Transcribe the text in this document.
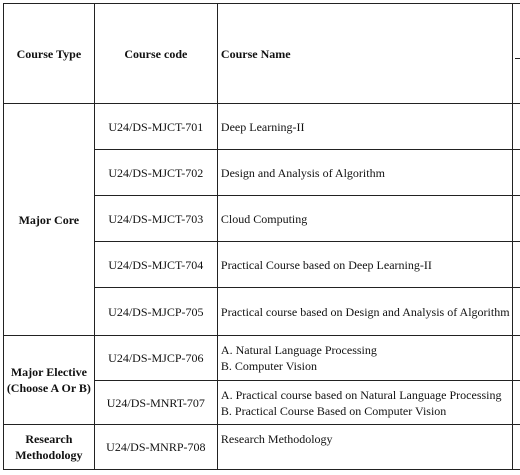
Course Type	Course code	Course Name	
Major Core	U24/DS-MJCT-701	Deep Learning-II	
	U24/DS-MJCT-702	Design and Analysis of Algorithm	
	U24/DS-MJCT-703	Cloud Computing	
	U24/DS-MJCT-704	Practical Course based on Deep Learning-II	
	U24/DS-MJCP-705	Practical course based on Design and Analysis of Algorithm	
Major Elective (Choose A Or B)	U24/DS-MJCP-706	A. Natural Language Processing
B. Computer Vision	

	U24/DS-MNRT-707	A. Practical course based on Natural Language Processing
B. Practical Course Based on Computer Vision	

Research Methodology	U24/DS-MNRP-708	Research Methodology	
